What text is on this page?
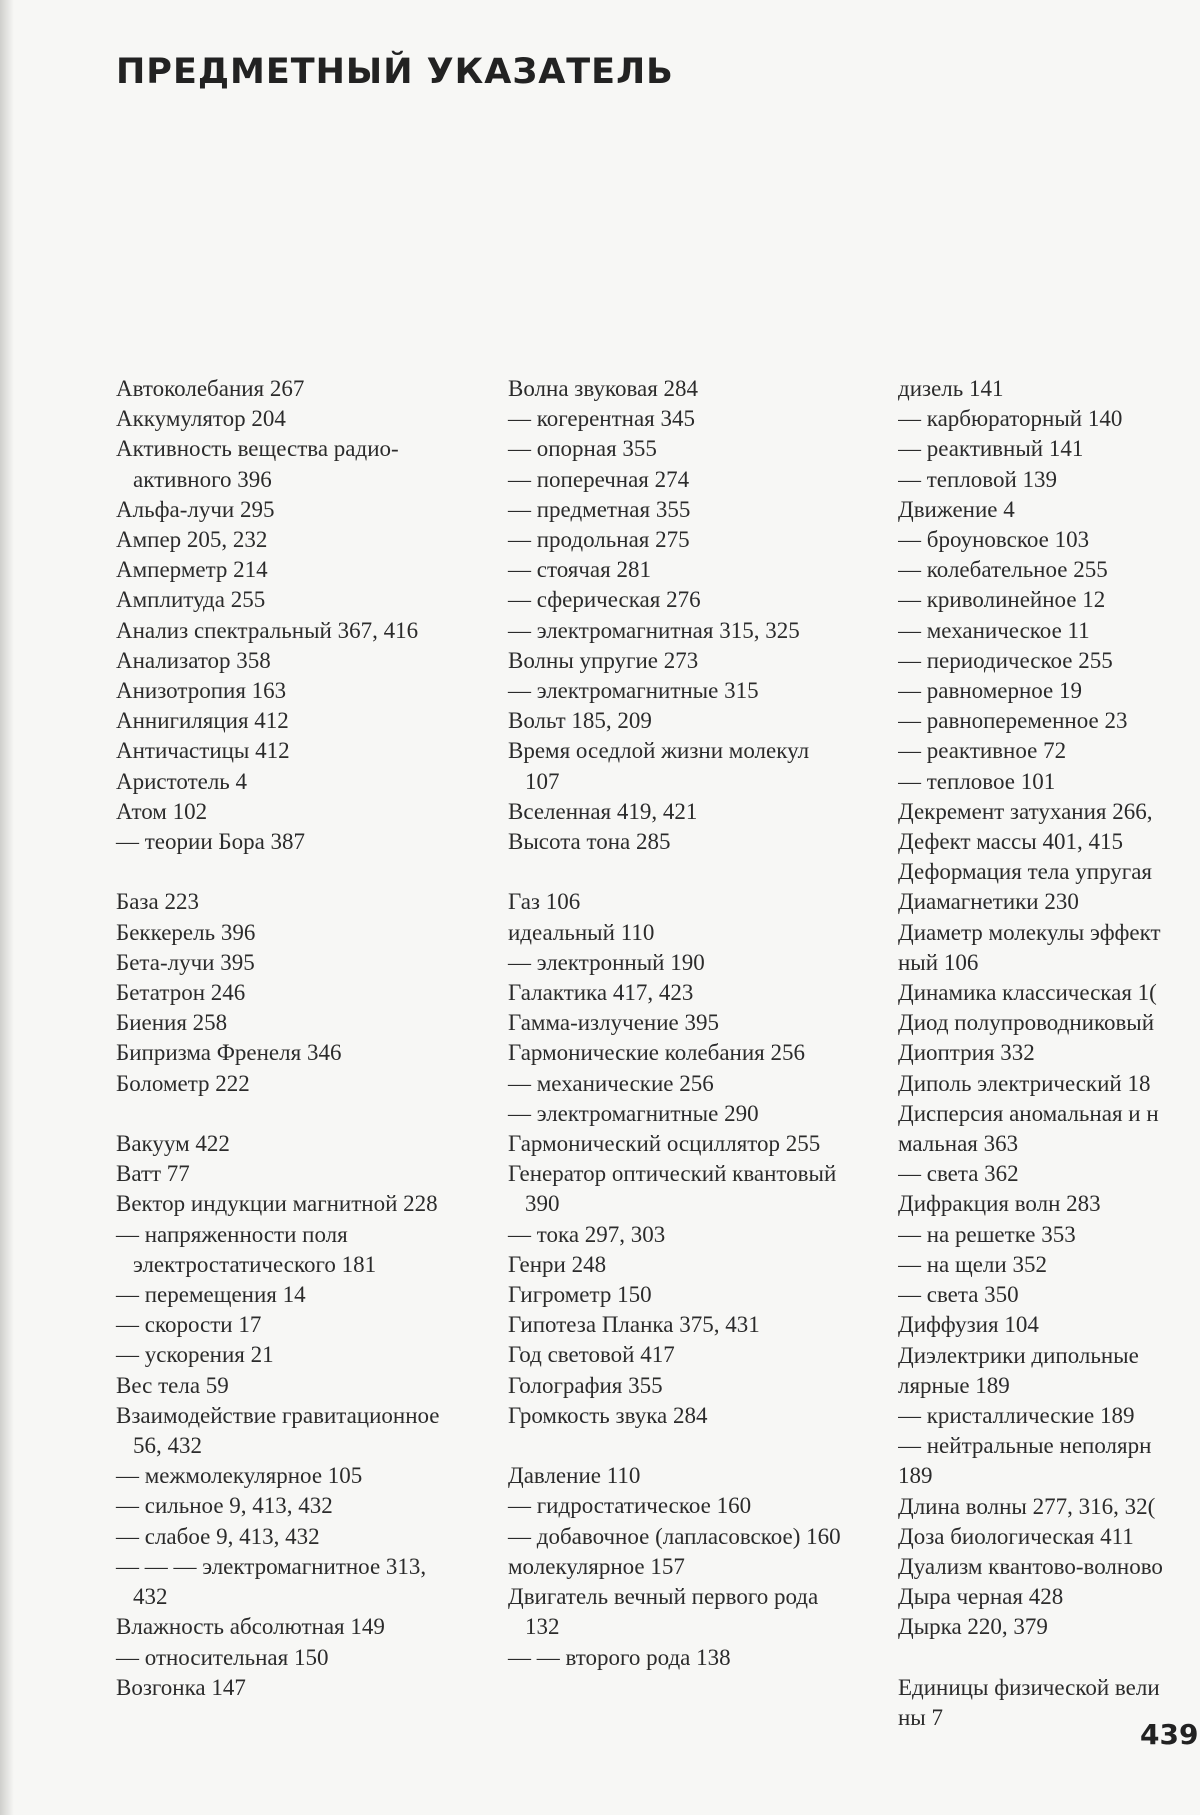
ПРЕДМЕТНЫЙ УКАЗАТЕЛЬ
Автоколебания 267
Аккумулятор 204
Активность вещества радио-активного 396
Альфа-лучи 295
Ампер 205, 232
Амперметр 214
Амплитуда 255
Анализ спектральный 367, 416
Анализатор 358
Анизотропия 163
Аннигиляция 412
Античастицы 412
Аристотель 4
Атом 102
— теории Бора 387
База 223
Беккерель 396
Бета-лучи 395
Бетатрон 246
Биения 258
Бипризма Френеля 346
Болометр 222
Вакуум 422
Ватт 77
Вектор индукции магнитной 228
— напряженности поля электростатического 181
— перемещения 14
— скорости 17
— ускорения 21
Вес тела 59
Взаимодействие гравитационное 56, 432
— межмолекулярное 105
— сильное 9, 413, 432
— слабое 9, 413, 432
— — — электромагнитное 313, 432
Влажность абсолютная 149
— относительная 150
Возгонка 147
Волна звуковая 284
— когерентная 345
— опорная 355
— поперечная 274
— предметная 355
— продольная 275
— стоячая 281
— сферическая 276
— электромагнитная 315, 325
Волны упругие 273
— электромагнитные 315
Вольт 185, 209
Время оседлой жизни молекул 107
Вселенная 419, 421
Высота тона 285
Газ 106
идеальный 110
— электронный 190
Галактика 417, 423
Гамма-излучение 395
Гармонические колебания 256
— механические 256
— электромагнитные 290
Гармонический осциллятор 255
Генератор оптический квантовый 390
— тока 297, 303
Генри 248
Гигрометр 150
Гипотеза Планка 375, 431
Год световой 417
Голография 355
Громкость звука 284
Давление 110
— гидростатическое 160
— добавочное (лапласовское) 160
молекулярное 157
Двигатель вечный первого рода 132
— — второго рода 138
дизель 141
— карбюраторный 140
— реактивный 141
— тепловой 139
Движение 4
— броуновское 103
— колебательное 255
— криволинейное 12
— механическое 11
— периодическое 255
— равномерное 19
— равнопеременное 23
— реактивное 72
— тепловое 101
Декремент затухания 266,
Дефект массы 401, 415
Деформация тела упругая
Диамагнетики 230
Диаметр молекулы эффект
ный 106
Динамика классическая 1(
Диод полупроводниковый
Диоптрия 332
Диполь электрический 18
Дисперсия аномальная и н
мальная 363
— света 362
Дифракция волн 283
— на решетке 353
— на щели 352
— света 350
Диффузия 104
Диэлектрики дипольные
лярные 189
— кристаллические 189
— нейтральные неполярн
189
Длина волны 277, 316, 32(
Доза биологическая 411
Дуализм квантово-волново
Дыра черная 428
Дырка 220, 379
Единицы физической вели
ны 7
439
